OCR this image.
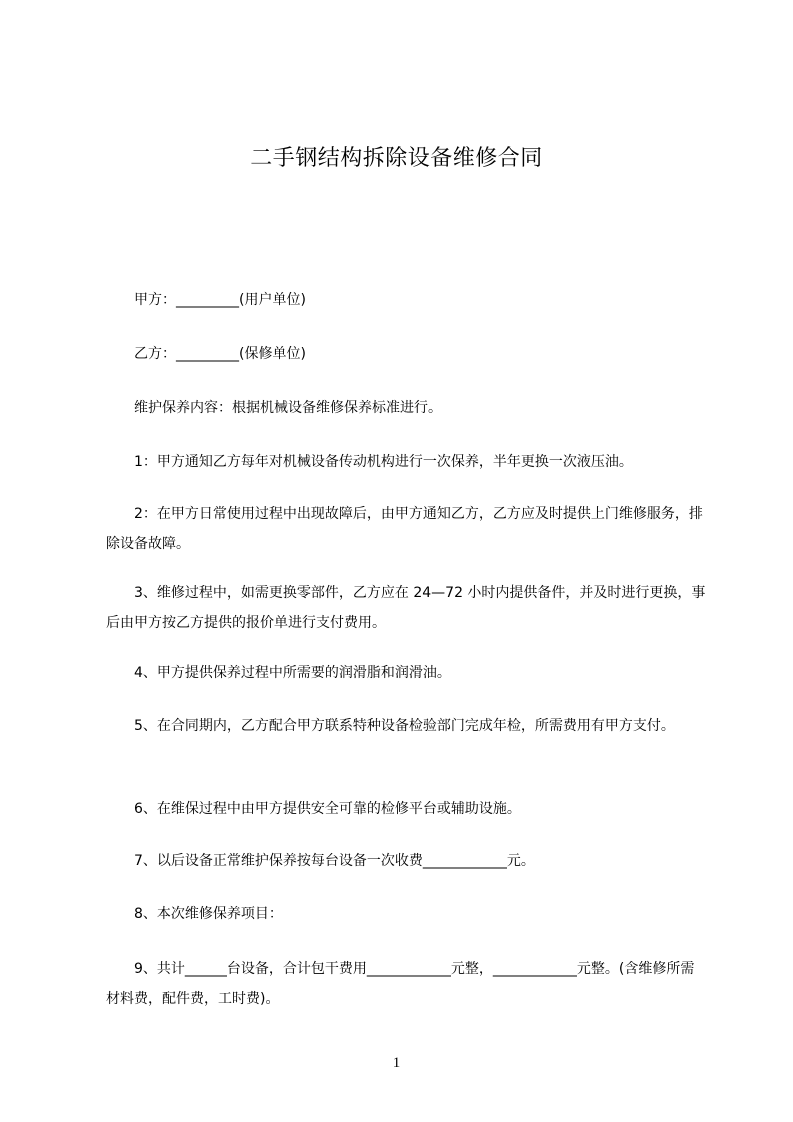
二手钢结构拆除设备维修合同
　　甲方：_________(用户单位)
　　乙方：_________(保修单位)
　　维护保养内容：根据机械设备维修保养标准进行。
　　1：甲方通知乙方每年对机械设备传动机构进行一次保养，半年更换一次液压油。
　　2：在甲方日常使用过程中出现故障后，由甲方通知乙方，乙方应及时提供上门维修服务，排除设备故障。
　　3、维修过程中，如需更换零部件，乙方应在 24—72 小时内提供备件，并及时进行更换，事后由甲方按乙方提供的报价单进行支付费用。
　　4、甲方提供保养过程中所需要的润滑脂和润滑油。
　　5、在合同期内，乙方配合甲方联系特种设备检验部门完成年检，所需费用有甲方支付。
　　6、在维保过程中由甲方提供安全可靠的检修平台或辅助设施。
　　7、以后设备正常维护保养按每台设备一次收费____________元。
　　8、本次维修保养项目：
　　9、共计______台设备，合计包干费用____________元整，____________元整。(含维修所需材料费，配件费，工时费)。
1
